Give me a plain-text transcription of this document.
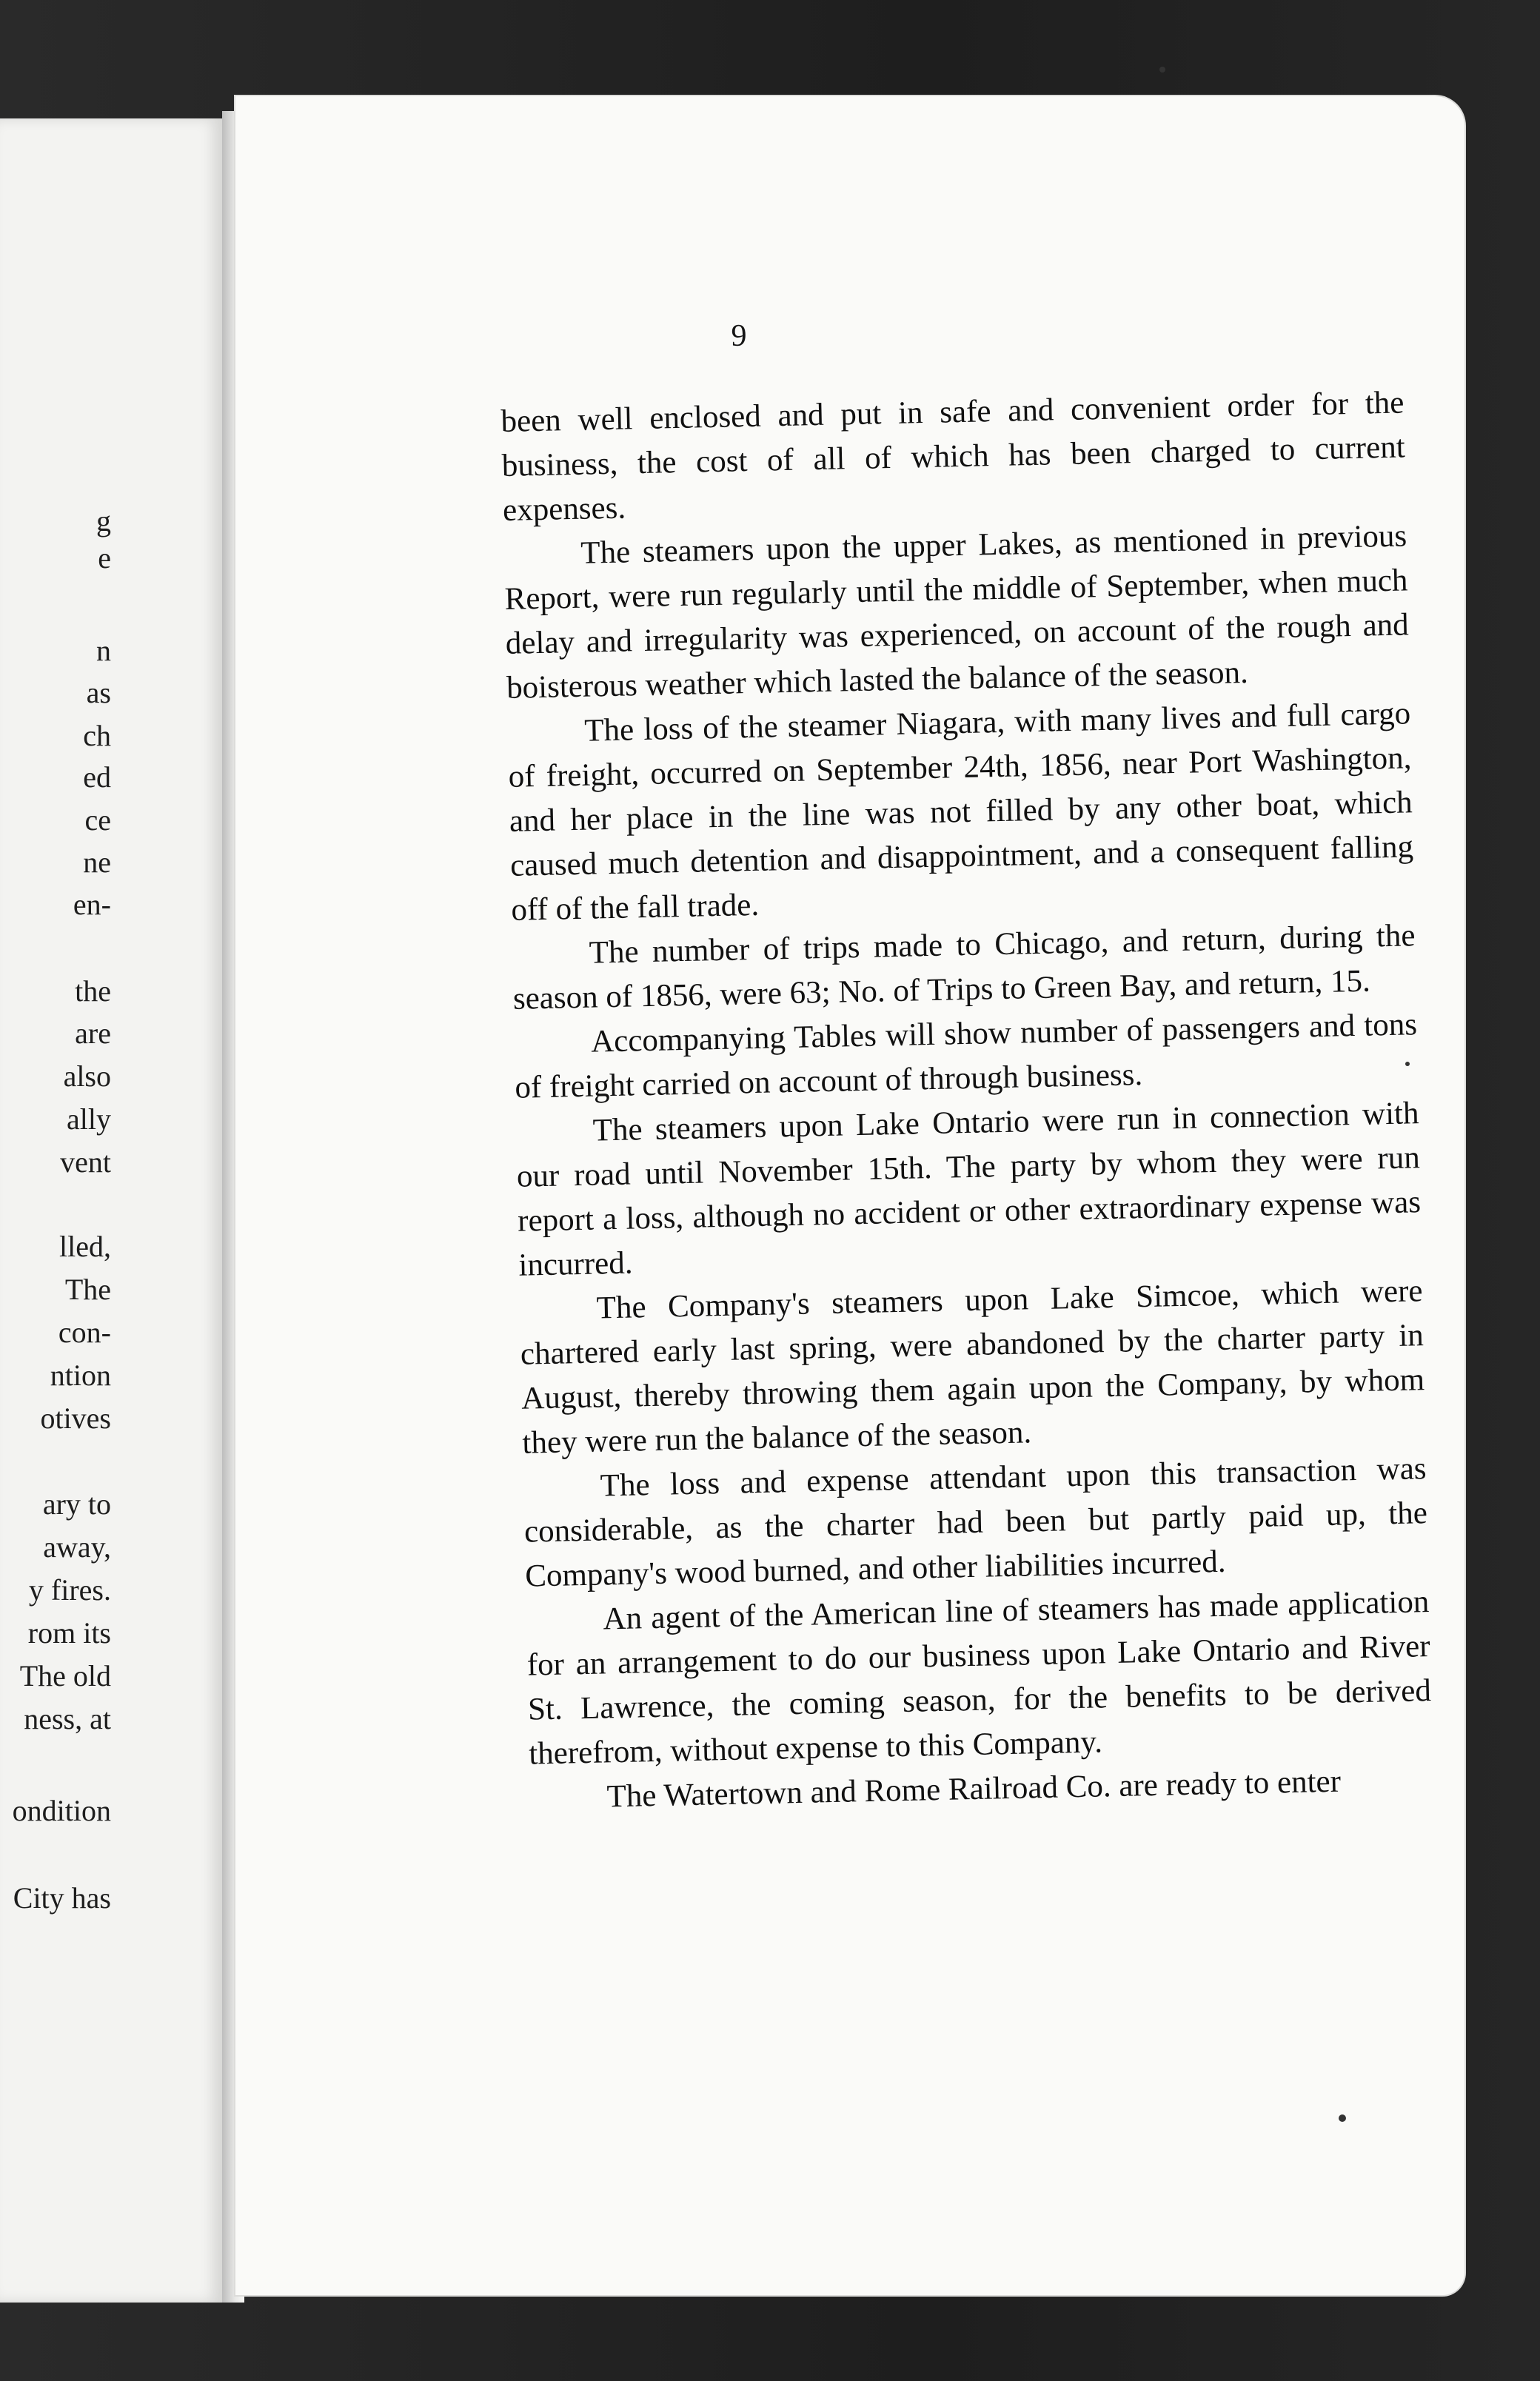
g
e
n
as
ch
ed
ce
ne
en-
the
are
also
ally
vent
lled,
The
con-
ntion
otives
ary to
away,
y fires.
rom its
The old
ness, at
ondition
City has
9

been well enclosed and put in safe and convenient order for the business, the cost of all of which has been charged to current expenses.

The steamers upon the upper Lakes, as mentioned in previous Report, were run regularly until the middle of September, when much delay and irregularity was experienced, on account of the rough and boisterous weather which lasted the balance of the season.

The loss of the steamer Niagara, with many lives and full cargo of freight, occurred on September 24th, 1856, near Port Washington, and her place in the line was not filled by any other boat, which caused much detention and disappointment, and a consequent falling off of the fall trade.

The number of trips made to Chicago, and return, during the season of 1856, were 63; No. of Trips to Green Bay, and return, 15.

Accompanying Tables will show number of passengers and tons of freight carried on account of through business.

The steamers upon Lake Ontario were run in connection with our road until November 15th. The party by whom they were run report a loss, although no accident or other extraordinary expense was incurred.

The Company's steamers upon Lake Simcoe, which were chartered early last spring, were abandoned by the charter party in August, thereby throwing them again upon the Company, by whom they were run the balance of the season.

The loss and expense attendant upon this transaction was considerable, as the charter had been but partly paid up, the Company's wood burned, and other liabilities incurred.

An agent of the American line of steamers has made application for an arrangement to do our business upon Lake Ontario and River St. Lawrence, the coming season, for the benefits to be derived therefrom, without expense to this Company.

The Watertown and Rome Railroad Co. are ready to enter
